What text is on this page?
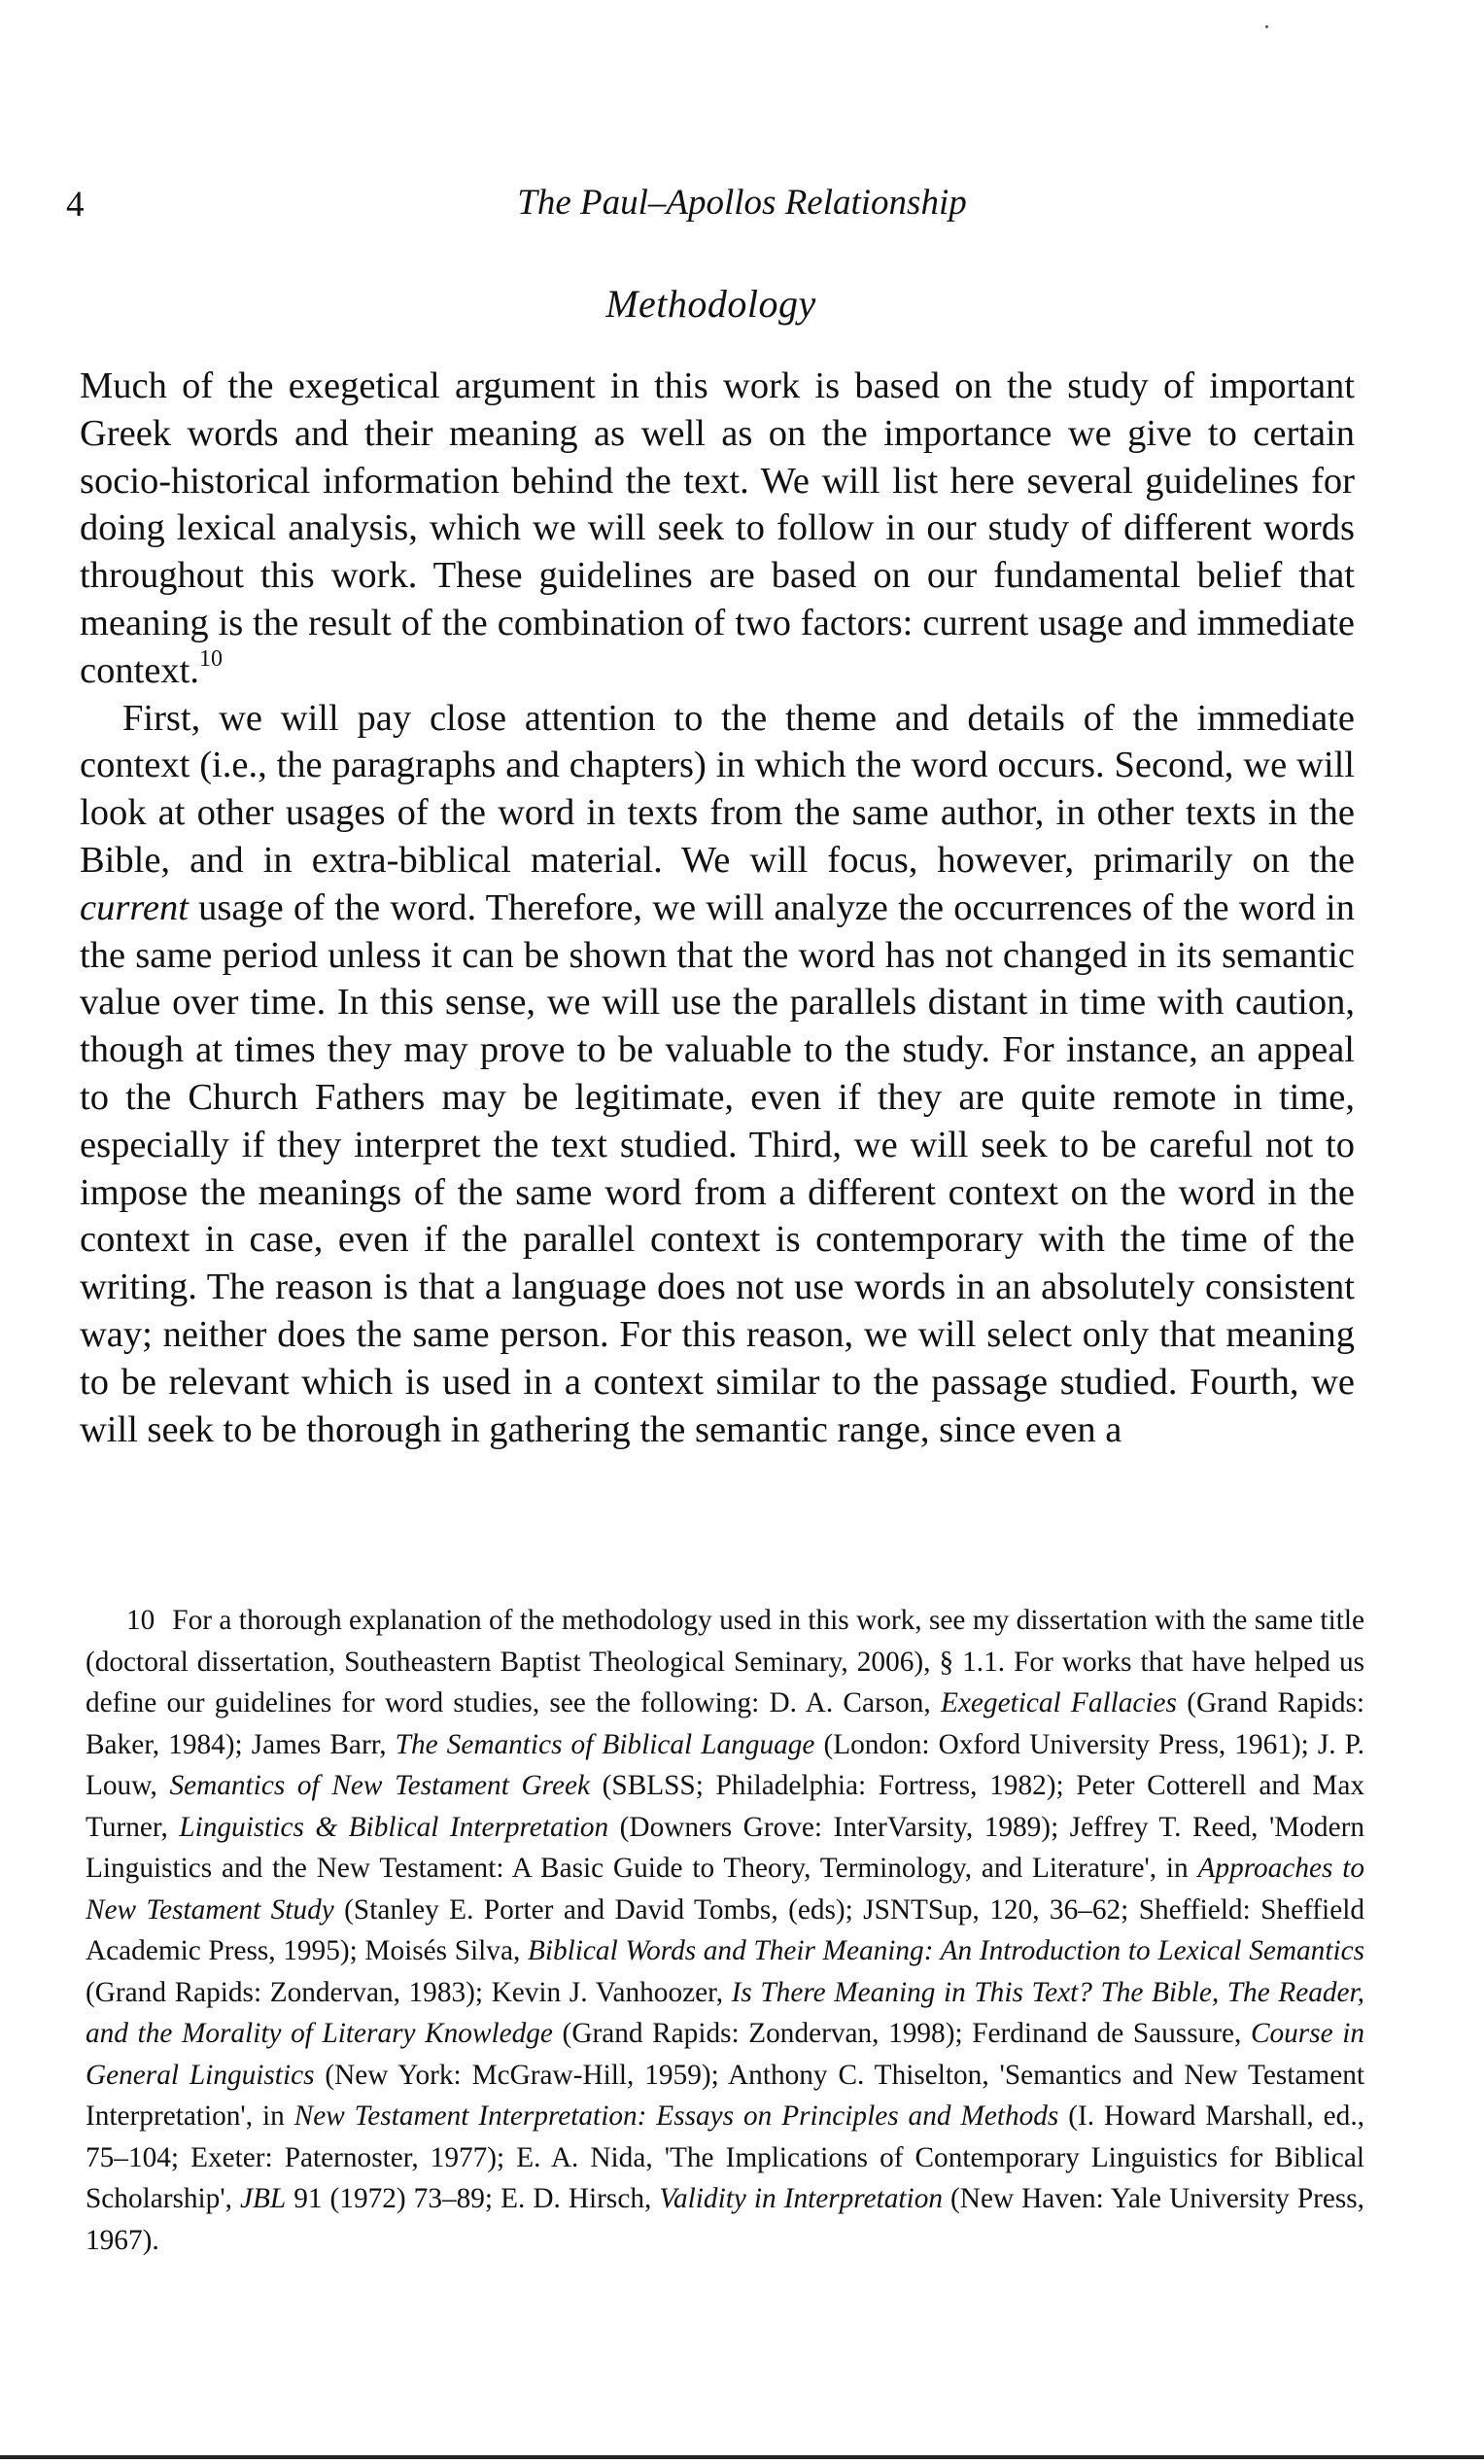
4	The Paul–Apollos Relationship
Methodology

Much of the exegetical argument in this work is based on the study of important Greek words and their meaning as well as on the importance we give to certain socio-historical information behind the text. We will list here several guidelines for doing lexical analysis, which we will seek to follow in our study of different words throughout this work. These guidelines are based on our fundamental belief that meaning is the result of the combination of two factors: current usage and immediate context.$^{10}$

First, we will pay close attention to the theme and details of the immediate context (i.e., the paragraphs and chapters) in which the word occurs. Second, we will look at other usages of the word in texts from the same author, in other texts in the Bible, and in extra-biblical material. We will focus, however, primarily on the current usage of the word. Therefore, we will analyze the occurrences of the word in the same period unless it can be shown that the word has not changed in its semantic value over time. In this sense, we will use the parallels distant in time with caution, though at times they may prove to be valuable to the study. For instance, an appeal to the Church Fathers may be legitimate, even if they are quite remote in time, especially if they interpret the text studied. Third, we will seek to be careful not to impose the meanings of the same word from a different context on the word in the context in case, even if the parallel context is contemporary with the time of the writing. The reason is that a language does not use words in an absolutely consistent way; neither does the same person. For this reason, we will select only that meaning to be relevant which is used in a context similar to the passage studied. Fourth, we will seek to be thorough in gathering the semantic range, since even a

10 For a thorough explanation of the methodology used in this work, see my dissertation with the same title (doctoral dissertation, Southeastern Baptist Theological Seminary, 2006), § 1.1. For works that have helped us define our guidelines for word studies, see the following: D. A. Carson, Exegetical Fallacies (Grand Rapids: Baker, 1984); James Barr, The Semantics of Biblical Language (London: Oxford University Press, 1961); J. P. Louw, Semantics of New Testament Greek (SBLSS; Philadelphia: Fortress, 1982); Peter Cotterell and Max Turner, Linguistics & Biblical Interpretation (Downers Grove: InterVarsity, 1989); Jeffrey T. Reed, 'Modern Linguistics and the New Testament: A Basic Guide to Theory, Terminology, and Literature', in Approaches to New Testament Study (Stanley E. Porter and David Tombs, (eds); JSNTSup, 120, 36–62; Sheffield: Sheffield Academic Press, 1995); Moisés Silva, Biblical Words and Their Meaning: An Introduction to Lexical Semantics (Grand Rapids: Zondervan, 1983); Kevin J. Vanhoozer, Is There Meaning in This Text? The Bible, The Reader, and the Morality of Literary Knowledge (Grand Rapids: Zondervan, 1998); Ferdinand de Saussure, Course in General Linguistics (New York: McGraw-Hill, 1959); Anthony C. Thiselton, 'Semantics and New Testament Interpretation', in New Testament Interpretation: Essays on Principles and Methods (I. Howard Marshall, ed., 75–104; Exeter: Paternoster, 1977); E. A. Nida, 'The Implications of Contemporary Linguistics for Biblical Scholarship', JBL 91 (1972) 73–89; E. D. Hirsch, Validity in Interpretation (New Haven: Yale University Press, 1967).
